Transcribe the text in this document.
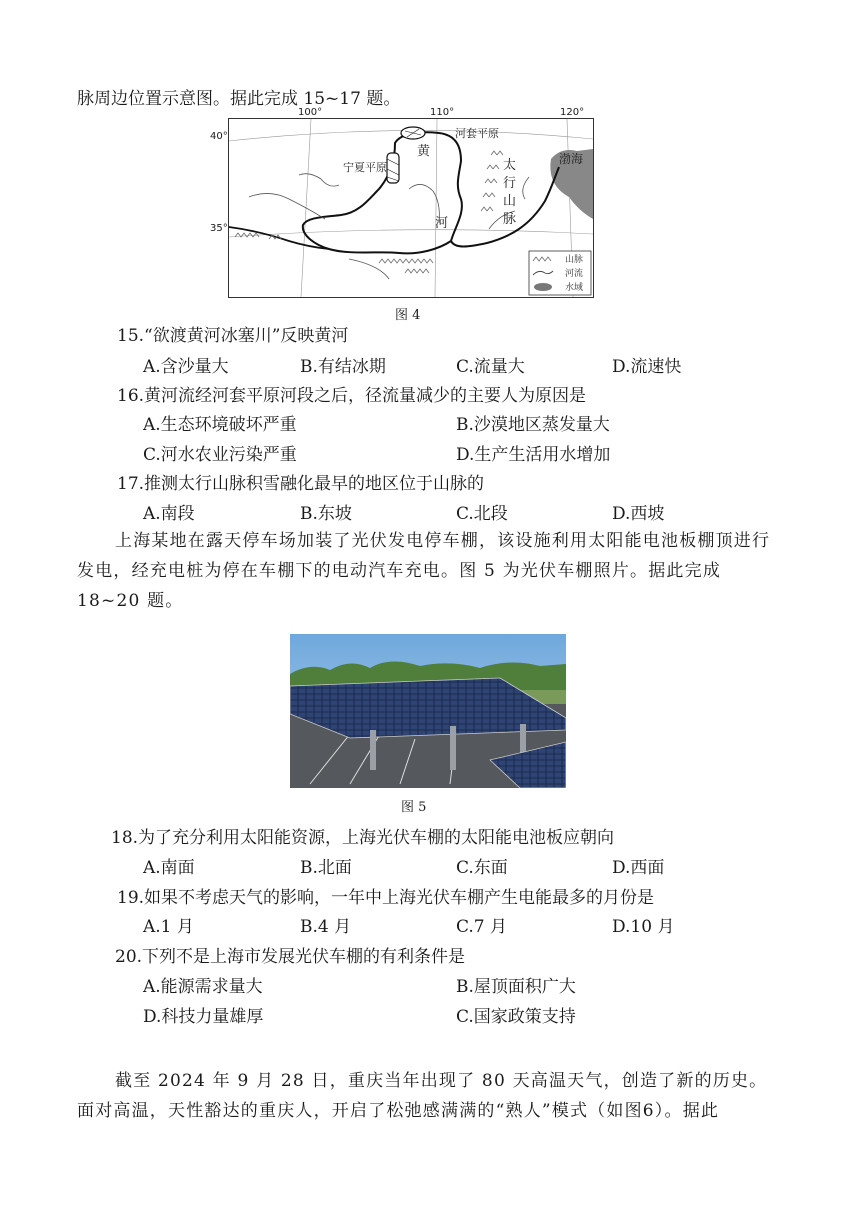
脉周边位置示意图。据此完成 15~17 题。
河套平原
宁夏平原
黄
河
太
行
山
脉
渤海
山脉
河流
水域
100°	110°	120°
40°
35°
图 4
15.“欲渡黄河冰塞川”反映黄河
A.含沙量大	B.有结冰期	C.流量大	D.流速快
16.黄河流经河套平原河段之后，径流量减少的主要人为原因是
A.生态环境破坏严重	B.沙漠地区蒸发量大
C.河水农业污染严重	D.生产生活用水增加
17.推测太行山脉积雪融化最早的地区位于山脉的
A.南段	B.东坡	C.北段	D.西坡
上海某地在露天停车场加装了光伏发电停车棚，该设施利用太阳能电池板棚顶进行发电，经充电桩为停在车棚下的电动汽车充电。图 5 为光伏车棚照片。据此完成 18~20 题。
图 5
18.为了充分利用太阳能资源，上海光伏车棚的太阳能电池板应朝向
A.南面	B.北面	C.东面	D.西面
19.如果不考虑天气的影响，一年中上海光伏车棚产生电能最多的月份是
A.1 月	B.4 月	C.7 月	D.10 月
20.下列不是上海市发展光伏车棚的有利条件是
A.能源需求量大	B.屋顶面积广大
D.科技力量雄厚	C.国家政策支持
截至 2024 年 9 月 28 日，重庆当年出现了 80 天高温天气，创造了新的历史。面对高温，天性豁达的重庆人，开启了松弛感满满的“熟人”模式（如图6）。据此
